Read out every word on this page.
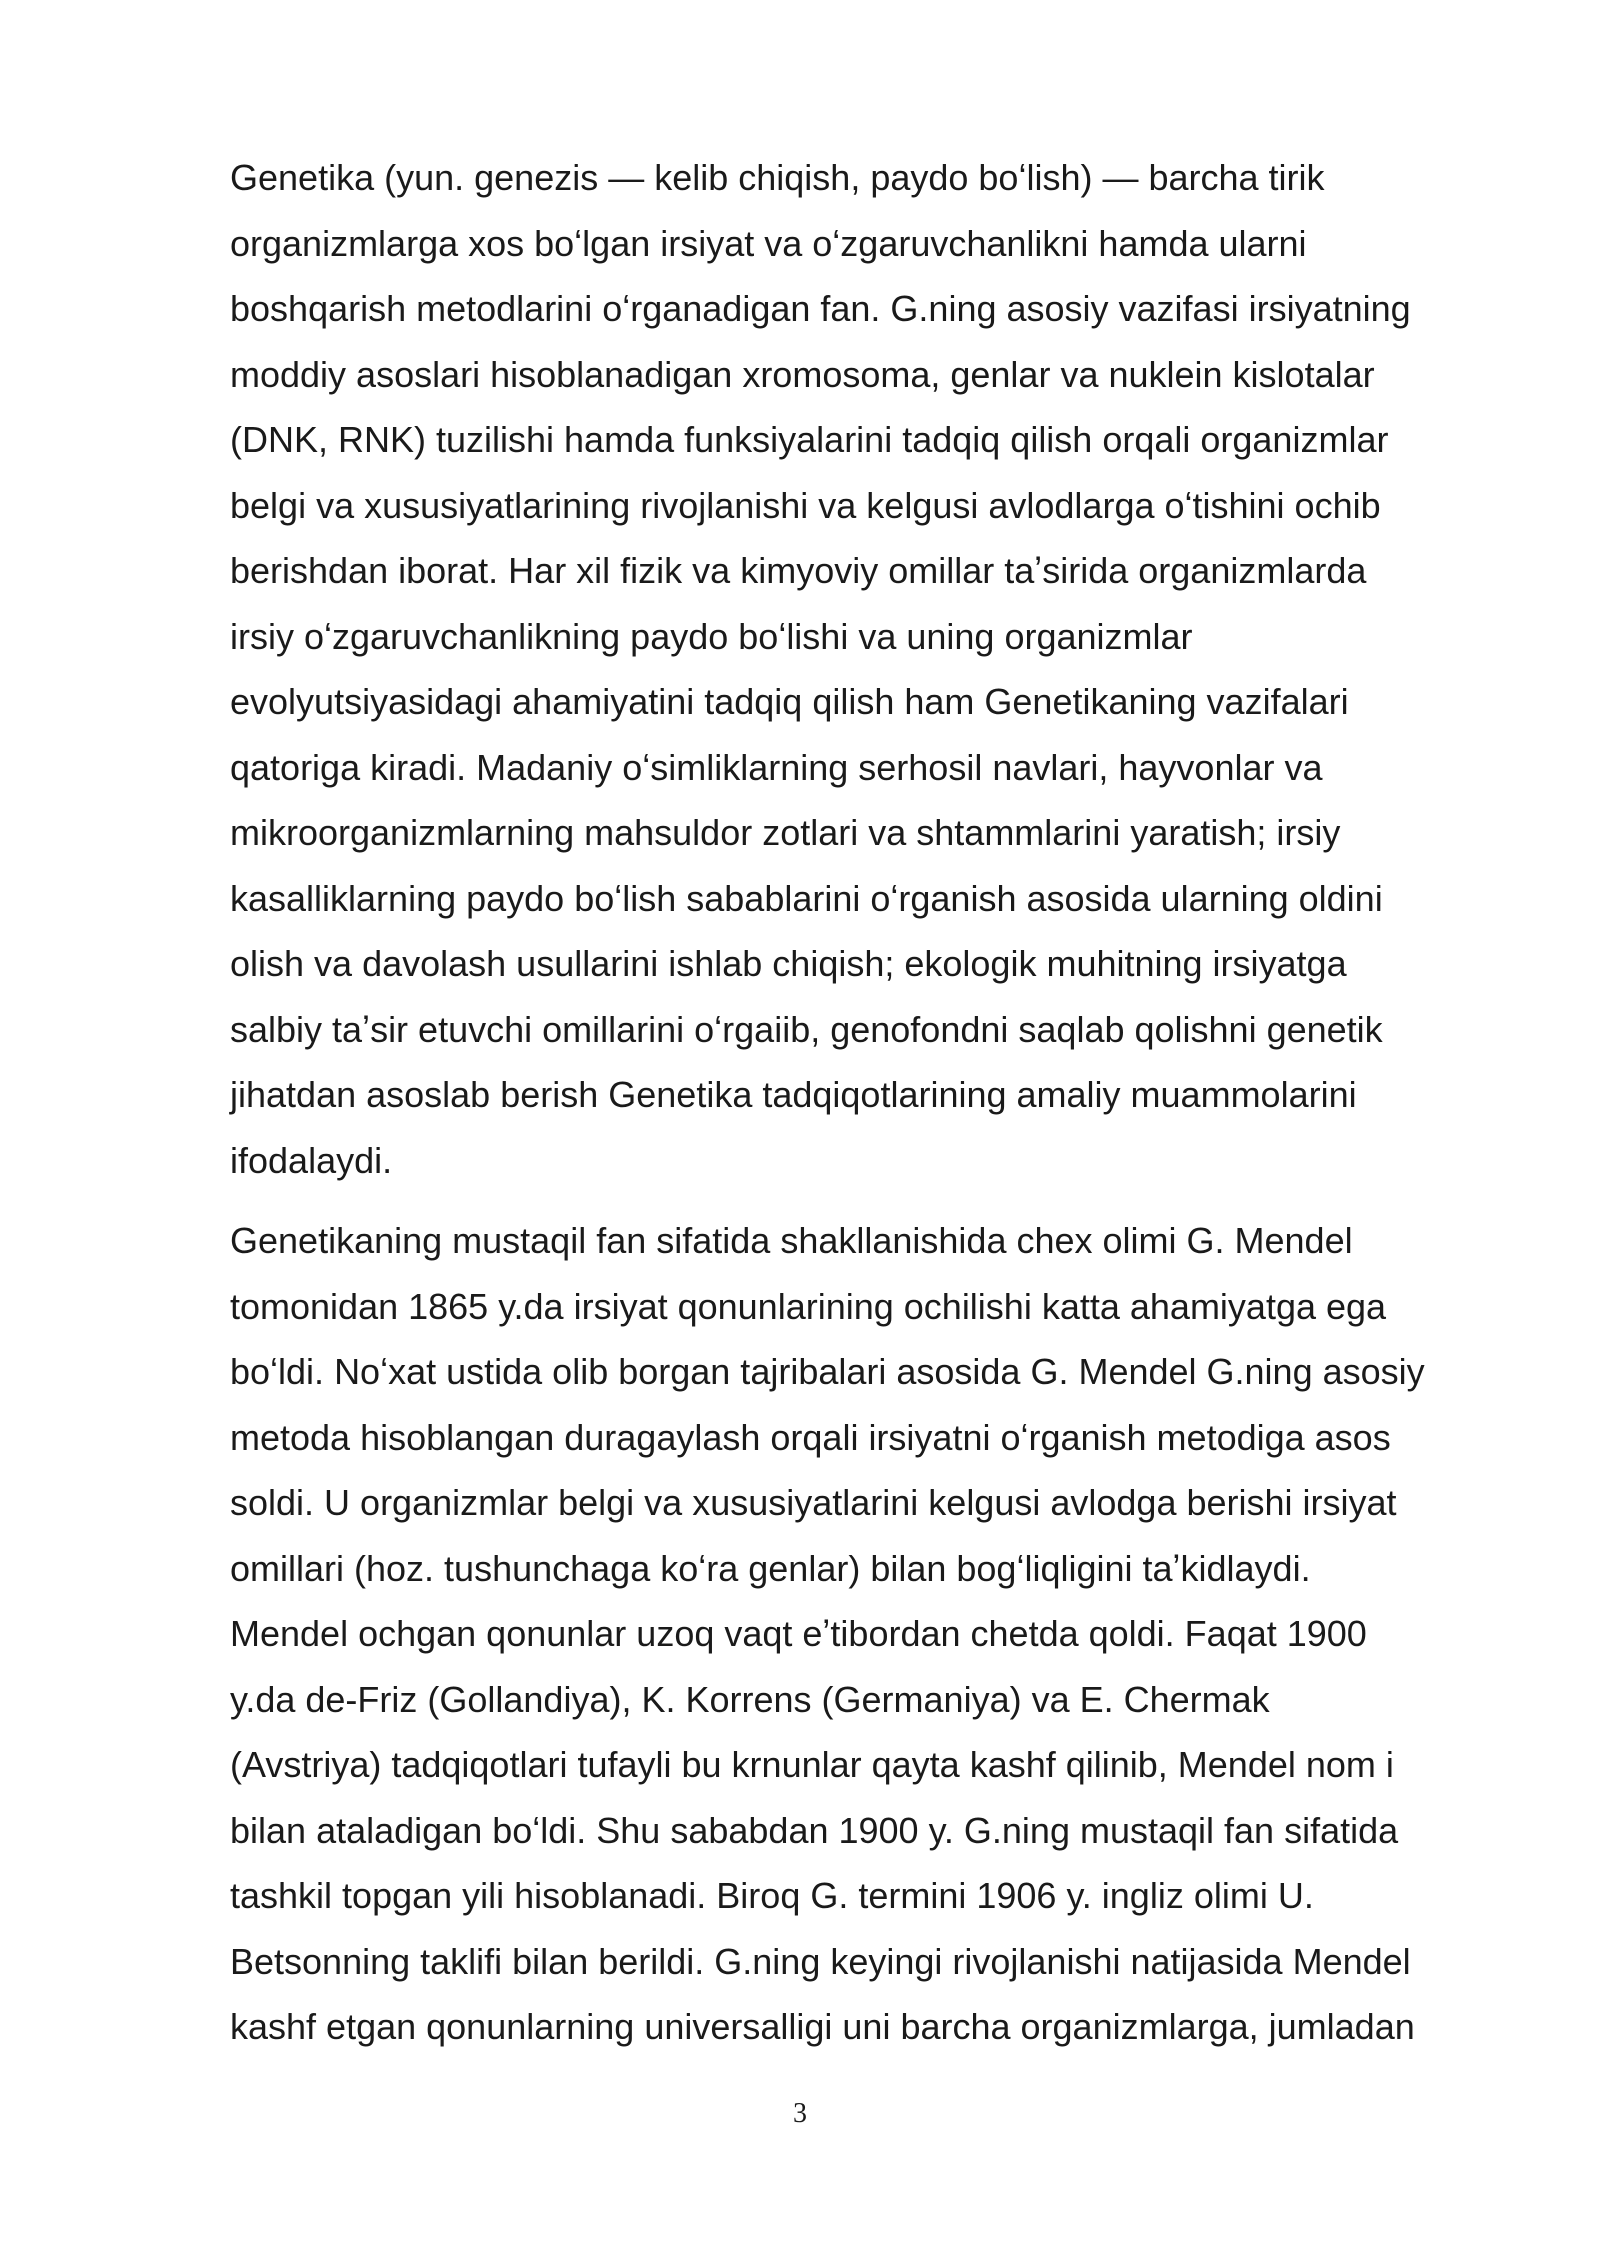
Genetika (yun. genezis — kelib chiqish, paydo boʻlish) — barcha tirik
organizmlarga xos boʻlgan irsiyat va oʻzgaruvchanlikni hamda ularni
boshqarish metodlarini oʻrganadigan fan. G.ning asosiy vazifasi irsiyatning
moddiy asoslari hisoblanadigan xromosoma, genlar va nuklein kislotalar
(DNK, RNK) tuzilishi hamda funksiyalarini tadqiq qilish orqali organizmlar
belgi va xususiyatlarining rivojlanishi va kelgusi avlodlarga oʻtishini ochib
berishdan iborat. Har xil fizik va kimyoviy omillar taʼsirida organizmlarda
irsiy oʻzgaruvchanlikning paydo boʻlishi va uning organizmlar
evolyutsiyasidagi ahamiyatini tadqiq qilish ham Genetikaning vazifalari
qatoriga kiradi. Madaniy oʻsimliklarning serhosil navlari, hayvonlar va
mikroorganizmlarning mahsuldor zotlari va shtammlarini yaratish; irsiy
kasalliklarning paydo boʻlish sabablarini oʻrganish asosida ularning oldini
olish va davolash usullarini ishlab chiqish; ekologik muhitning irsiyatga
salbiy taʼsir etuvchi omillarini oʻrgaiib, genofondni saqlab qolishni genetik
jihatdan asoslab berish Genetika tadqiqotlarining amaliy muammolarini
ifodalaydi.
Genetikaning mustaqil fan sifatida shakllanishida chex olimi G. Mendel
tomonidan 1865 y.da irsiyat qonunlarining ochilishi katta ahamiyatga ega
boʻldi. Noʻxat ustida olib borgan tajribalari asosida G. Mendel G.ning asosiy
metoda hisoblangan duragaylash orqali irsiyatni oʻrganish metodiga asos
soldi. U organizmlar belgi va xususiyatlarini kelgusi avlodga berishi irsiyat
omillari (hoz. tushunchaga koʻra genlar) bilan bogʻliqligini taʼkidlaydi.
Mendel ochgan qonunlar uzoq vaqt eʼtibordan chetda qoldi. Faqat 1900
y.da de-Friz (Gollandiya), K. Korrens (Germaniya) va E. Chermak
(Avstriya) tadqiqotlari tufayli bu krnunlar qayta kashf qilinib, Mendel nom i
bilan ataladigan boʻldi. Shu sababdan 1900 y. G.ning mustaqil fan sifatida
tashkil topgan yili hisoblanadi. Biroq G. termini 1906 y. ingliz olimi U.
Betsonning taklifi bilan berildi. G.ning keyingi rivojlanishi natijasida Mendel
kashf etgan qonunlarning universalligi uni barcha organizmlarga, jumladan
3
